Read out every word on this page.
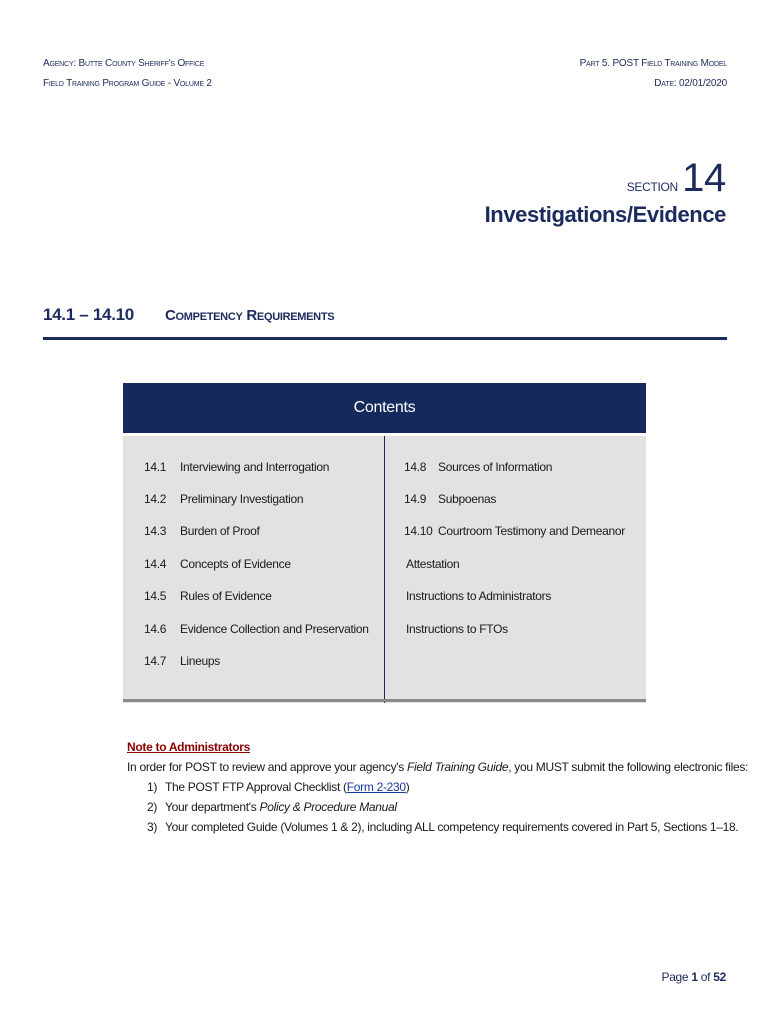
Agency: Butte County Sheriff's Office
Field Training Program Guide - Volume 2
Part 5. POST Field Training Model
Date: 02/01/2020
SECTION 14
Investigations/Evidence
14.1 – 14.10 Competency Requirements
Contents
14.1 Interviewing and Interrogation
14.2 Preliminary Investigation
14.3 Burden of Proof
14.4 Concepts of Evidence
14.5 Rules of Evidence
14.6 Evidence Collection and Preservation
14.7 Lineups
14.8 Sources of Information
14.9 Subpoenas
14.10 Courtroom Testimony and Demeanor
Attestation
Instructions to Administrators
Instructions to FTOs
Note to Administrators
In order for POST to review and approve your agency's Field Training Guide, you MUST submit the following electronic files:
1) The POST FTP Approval Checklist (Form 2-230)
2) Your department's Policy & Procedure Manual
3) Your completed Guide (Volumes 1 & 2), including ALL competency requirements covered in Part 5, Sections 1–18.
Page 1 of 52
